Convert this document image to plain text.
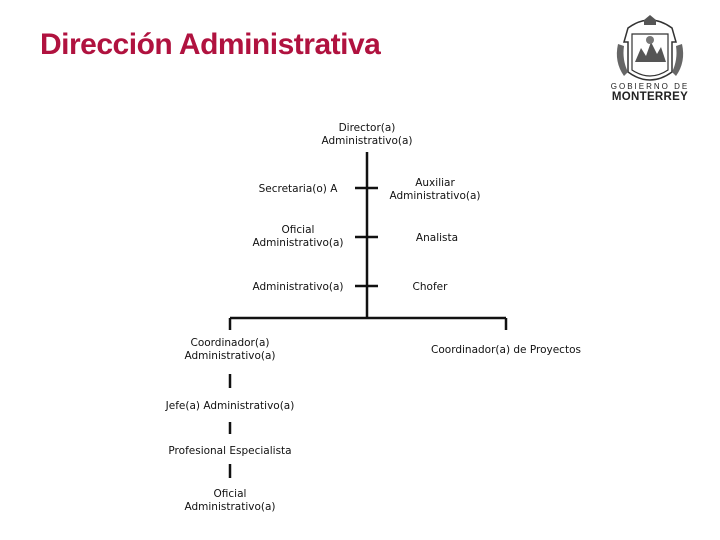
Dirección Administrativa
GOBIERNO DE
MONTERREY
Director(a)
Administrativo(a)
Secretaria(o) A
Oficial
Administrativo(a)
Administrativo(a)
Auxiliar
Administrativo(a)
Analista
Chofer
Coordinador(a)
Administrativo(a)
Jefe(a) Administrativo(a)
Profesional Especialista
Oficial
Administrativo(a)
Coordinador(a) de Proyectos
